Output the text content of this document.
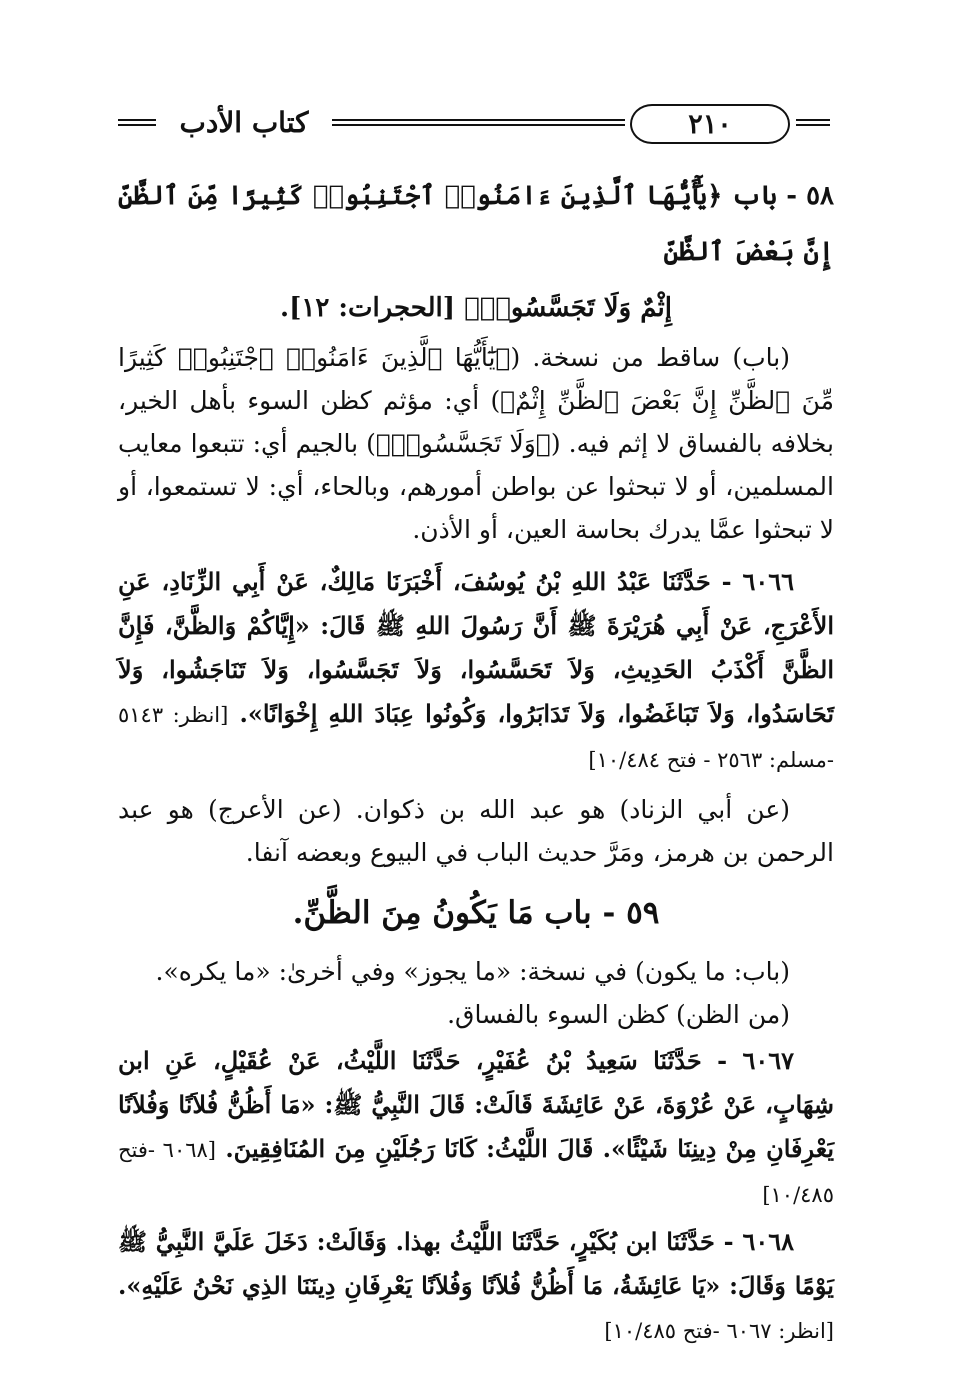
كتاب الأدب	٢١٠

٥٨ - باب ﴿يَٰٓأَيُّهَا ٱلَّذِينَ ءَامَنُوا۟ ٱجْتَنِبُوا۟ كَثِيرًا مِّنَ ٱلظَّنِّ إِنَّ بَعْضَ ٱلظَّنِّ
إِثْمٌ وَلَا تَجَسَّسُوا۟﴾ [الحجرات: ١٢].

(باب) ساقط من نسخة. (﴿يَٰٓأَيُّهَا ٱلَّذِينَ ءَامَنُوا۟ ٱجْتَنِبُوا۟ كَثِيرًا مِّنَ ٱلظَّنِّ إِنَّ بَعْضَ ٱلظَّنِّ إِثْمٌ﴾) أي: مؤثم كظن السوء بأهل الخير، بخلافه بالفساق لا إثم فيه. (﴿وَلَا تَجَسَّسُوا۟﴾) بالجيم أي: تتبعوا معايب المسلمين، أو لا تبحثوا عن بواطن أمورهم، وبالحاء، أي: لا تستمعوا، أو لا تبحثوا عمَّا يدرك بحاسة العين، أو الأذن.

٦٠٦٦ - حَدَّثَنَا عَبْدُ اللهِ بْنُ يُوسُفَ، أَخْبَرَنَا مَالِكٌ، عَنْ أَبِي الزِّنَادِ، عَنِ الأَعْرَجِ، عَنْ أَبِي هُرَيْرَةَ ﷺ أَنَّ رَسُولَ اللهِ ﷺ قَالَ: «إِيَّاكُمْ وَالظَّنَّ، فَإِنَّ الظَّنَّ أَكْذَبُ الحَدِيثِ، وَلاَ تَحَسَّسُوا، وَلاَ تَجَسَّسُوا، وَلاَ تَنَاجَشُوا، وَلاَ تَحَاسَدُوا، وَلاَ تَبَاغَضُوا، وَلاَ تَدَابَرُوا، وَكُونُوا عِبَادَ اللهِ إِخْوَانًا». [انظر: ٥١٤٣ -مسلم: ٢٥٦٣ - فتح ١٠/٤٨٤]

(عن أبي الزناد) هو عبد الله بن ذكوان. (عن الأعرج) هو عبد الرحمن بن هرمز، ومَرَّ حديث الباب في البيوع وبعضه آنفا.

٥٩ - باب مَا يَكُونُ مِنَ الظَّنِّ.

(باب: ما يكون) في نسخة: «ما يجوز» وفي أخرىٰ: «ما يكره».

(من الظن) كظن السوء بالفساق.

٦٠٦٧ - حَدَّثَنَا سَعِيدُ بْنُ عُفَيْرٍ، حَدَّثَنَا اللَّيْثُ، عَنْ عُقَيْلٍ، عَنِ ابن شِهَابٍ، عَنْ عُرْوَةَ، عَنْ عَائِشَةَ قَالَتْ: قَالَ النَّبِيُّ ﷺ: «مَا أَظُنُّ فُلاَنًا وَفُلاَنًا يَعْرِفَانِ مِنْ دِينِنَا شَيْئًا». قَالَ اللَّيْثُ: كَانَا رَجُلَيْنِ مِنَ المُنَافِقِينَ. [٦٠٦٨ -فتح ١٠/٤٨٥]

٦٠٦٨ - حَدَّثَنَا ابن بُكَيْرٍ، حَدَّثَنَا اللَّيْثُ بهذا. وَقَالَتْ: دَخَلَ عَلَيَّ النَّبِيُّ ﷺ يَوْمًا وَقَالَ: «يَا عَائِشَةُ، مَا أَظُنُّ فُلاَنًا وَفُلاَنًا يَعْرِفَانِ دِينَنَا الذِي نَحْنُ عَلَيْهِ». [انظر: ٦٠٦٧ -فتح ١٠/٤٨٥]
